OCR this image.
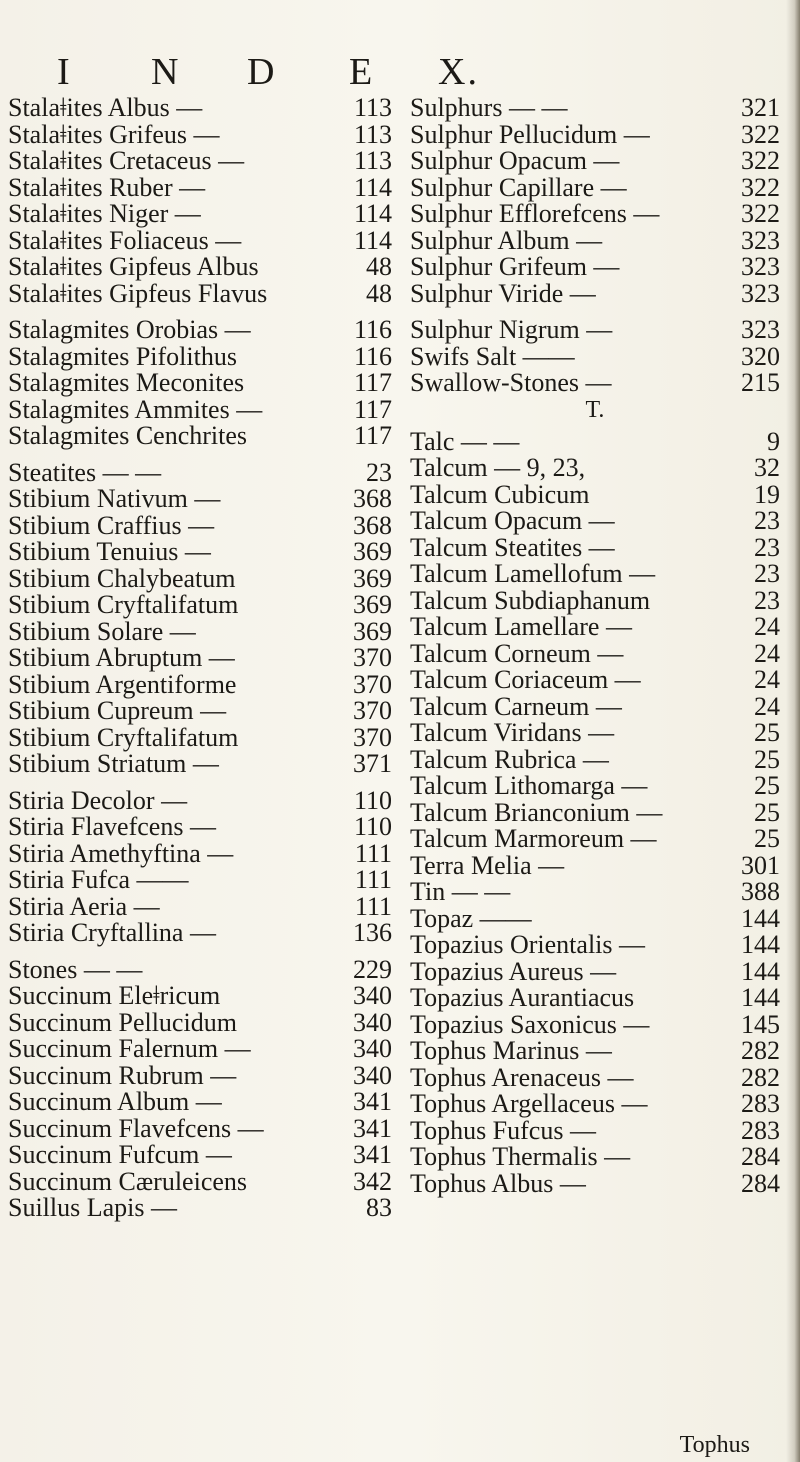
I N D E X.
Stalaǂites Albus —	113
Stalaǂites Grifeus —	113
Stalaǂites Cretaceus —	113
Stalaǂites Ruber —	114
Stalaǂites Niger —	114
Stalaǂites Foliaceus —	114
Stalaǂites Gipfeus Albus	48
Stalaǂites Gipfeus Flavus	48
Stalagmites Orobias —	116
Stalagmites Pifolithus	116
Stalagmites Meconites	117
Stalagmites Ammites —	117
Stalagmites Cenchrites	117
Steatites — —	23
Stibium Nativum —	368
Stibium Craffius —	368
Stibium Tenuius —	369
Stibium Chalybeatum	369
Stibium Cryftalifatum	369
Stibium Solare —	369
Stibium Abruptum —	370
Stibium Argentiforme	370
Stibium Cupreum —	370
Stibium Cryftalifatum	370
Stibium Striatum —	371
Stiria Decolor —	110
Stiria Flavefcens —	110
Stiria Amethyftina —	111
Stiria Fufca ——	111
Stiria Aeria —	111
Stiria Cryftallina —	136
Stones — —	229
Succinum Eleǂricum	340
Succinum Pellucidum	340
Succinum Falernum —	340
Succinum Rubrum —	340
Succinum Album —	341
Succinum Flavefcens —	341
Succinum Fufcum —	341
Succinum Cæruleicens	342
Suillus Lapis —	83
Sulphurs — —	321
Sulphur Pellucidum —	322
Sulphur Opacum —	322
Sulphur Capillare —	322
Sulphur Efflorefcens —	322
Sulphur Album —	323
Sulphur Grifeum —	323
Sulphur Viride —	323
Sulphur Nigrum —	323
Swifs Salt ——	320
Swallow-Stones —	215
T.
Talc — —	9
Talcum — 9, 23,	32
Talcum Cubicum	19
Talcum Opacum —	23
Talcum Steatites —	23
Talcum Lamellofum —	23
Talcum Subdiaphanum	23
Talcum Lamellare —	24
Talcum Corneum —	24
Talcum Coriaceum —	24
Talcum Carneum —	24
Talcum Viridans —	25
Talcum Rubrica —	25
Talcum Lithomarga —	25
Talcum Brianconium —	25
Talcum Marmoreum —	25
Terra Melia —	301
Tin — —	388
Topaz ——	144
Topazius Orientalis —	144
Topazius Aureus —	144
Topazius Aurantiacus	144
Topazius Saxonicus —	145
Tophus Marinus —	282
Tophus Arenaceus —	282
Tophus Argellaceus —	283
Tophus Fufcus —	283
Tophus Thermalis —	284
Tophus Albus —	284
Tophus
